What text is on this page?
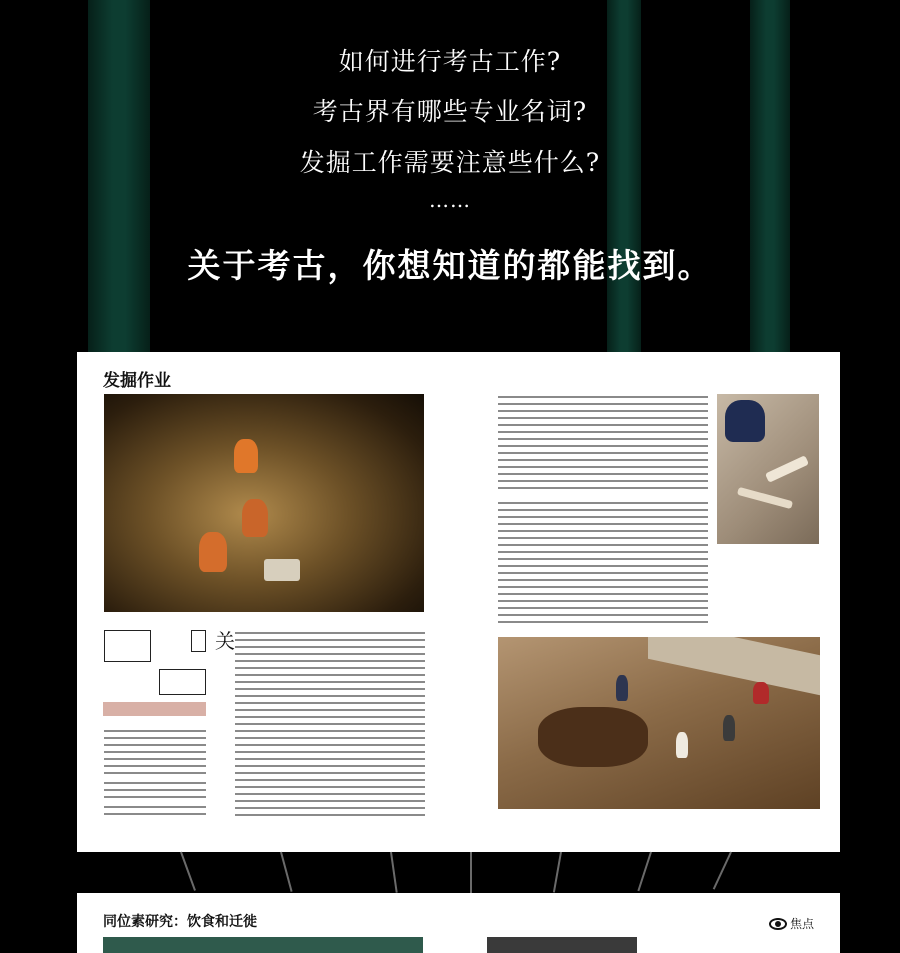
如何进行考古工作?
考古界有哪些专业名词?
发掘工作需要注意些什么?
……
关于考古，你想知道的都能找到。
发掘作业
关
同位素研究：饮食和迁徙	焦点
